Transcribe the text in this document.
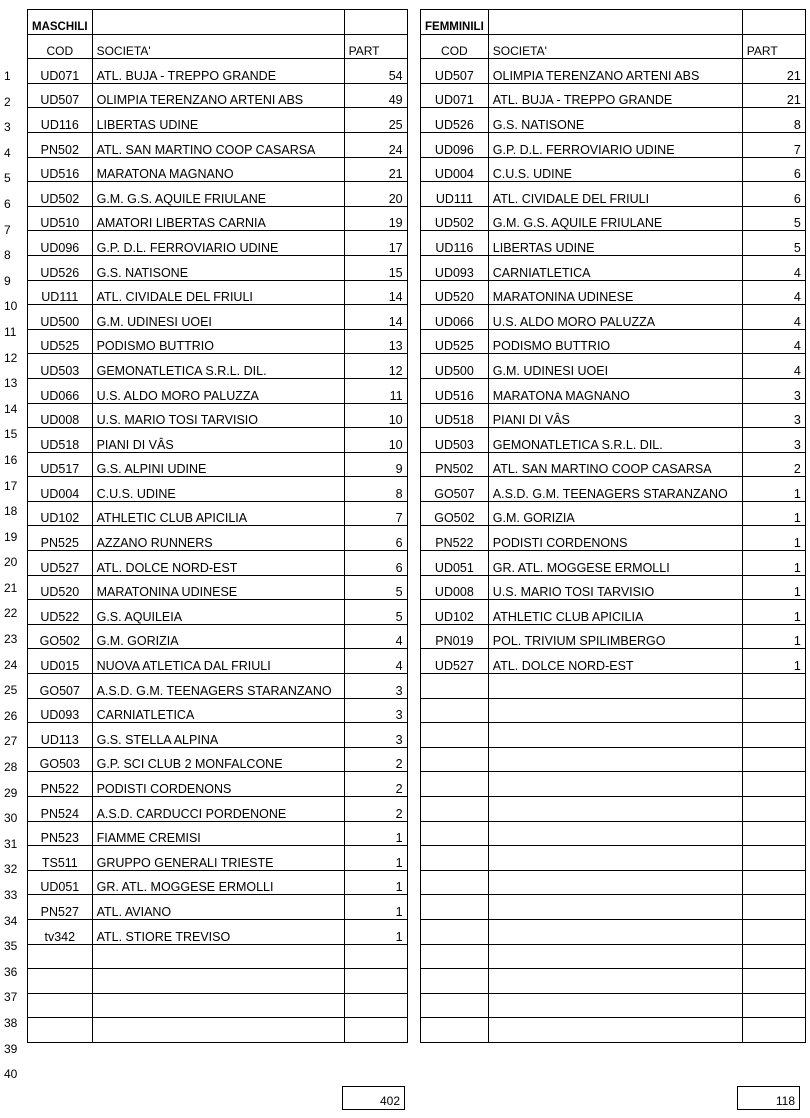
1
2
3
4
5
6
7
8
9
10
11
12
13
14
15
16
17
18
19
20
21
22
23
24
25
26
27
28
29
30
31
32
33
34
35
36
37
38
39
40
MASCHILI		
COD	SOCIETA'	PART
UD071	ATL. BUJA - TREPPO GRANDE	54
UD507	OLIMPIA TERENZANO ARTENI ABS	49
UD116	LIBERTAS UDINE	25
PN502	ATL. SAN MARTINO COOP CASARSA	24
UD516	MARATONA MAGNANO	21
UD502	G.M. G.S. AQUILE FRIULANE	20
UD510	AMATORI LIBERTAS CARNIA	19
UD096	G.P. D.L. FERROVIARIO UDINE	17
UD526	G.S. NATISONE	15
UD111	ATL. CIVIDALE DEL FRIULI	14
UD500	G.M. UDINESI UOEI	14
UD525	PODISMO BUTTRIO	13
UD503	GEMONATLETICA S.R.L. DIL.	12
UD066	U.S. ALDO MORO PALUZZA	11
UD008	U.S. MARIO TOSI TARVISIO	10
UD518	PIANI DI VÂS	10
UD517	G.S. ALPINI UDINE	9
UD004	C.U.S. UDINE	8
UD102	ATHLETIC CLUB APICILIA	7
PN525	AZZANO RUNNERS	6
UD527	ATL. DOLCE NORD-EST	6
UD520	MARATONINA UDINESE	5
UD522	G.S. AQUILEIA	5
GO502	G.M. GORIZIA	4
UD015	NUOVA ATLETICA DAL FRIULI	4
GO507	A.S.D. G.M. TEENAGERS STARANZANO	3
UD093	CARNIATLETICA	3
UD113	G.S. STELLA ALPINA	3
GO503	G.P. SCI CLUB 2 MONFALCONE	2
PN522	PODISTI CORDENONS	2
PN524	A.S.D. CARDUCCI PORDENONE	2
PN523	FIAMME CREMISI	1
TS511	GRUPPO GENERALI TRIESTE	1
UD051	GR. ATL. MOGGESE ERMOLLI	1
PN527	ATL. AVIANO	1
tv342	ATL. STIORE TREVISO	1

FEMMINILI		
COD	SOCIETA'	PART
UD507	OLIMPIA TERENZANO ARTENI ABS	21
UD071	ATL. BUJA - TREPPO GRANDE	21
UD526	G.S. NATISONE	8
UD096	G.P. D.L. FERROVIARIO UDINE	7
UD004	C.U.S. UDINE	6
UD111	ATL. CIVIDALE DEL FRIULI	6
UD502	G.M. G.S. AQUILE FRIULANE	5
UD116	LIBERTAS UDINE	5
UD093	CARNIATLETICA	4
UD520	MARATONINA UDINESE	4
UD066	U.S. ALDO MORO PALUZZA	4
UD525	PODISMO BUTTRIO	4
UD500	G.M. UDINESI UOEI	4
UD516	MARATONA MAGNANO	3
UD518	PIANI DI VÂS	3
UD503	GEMONATLETICA S.R.L. DIL.	3
PN502	ATL. SAN MARTINO COOP CASARSA	2
GO507	A.S.D. G.M. TEENAGERS STARANZANO	1
GO502	G.M. GORIZIA	1
PN522	PODISTI CORDENONS	1
UD051	GR. ATL. MOGGESE ERMOLLI	1
UD008	U.S. MARIO TOSI TARVISIO	1
UD102	ATHLETIC CLUB APICILIA	1
PN019	POL. TRIVIUM SPILIMBERGO	1
UD527	ATL. DOLCE NORD-EST	1

402	118
